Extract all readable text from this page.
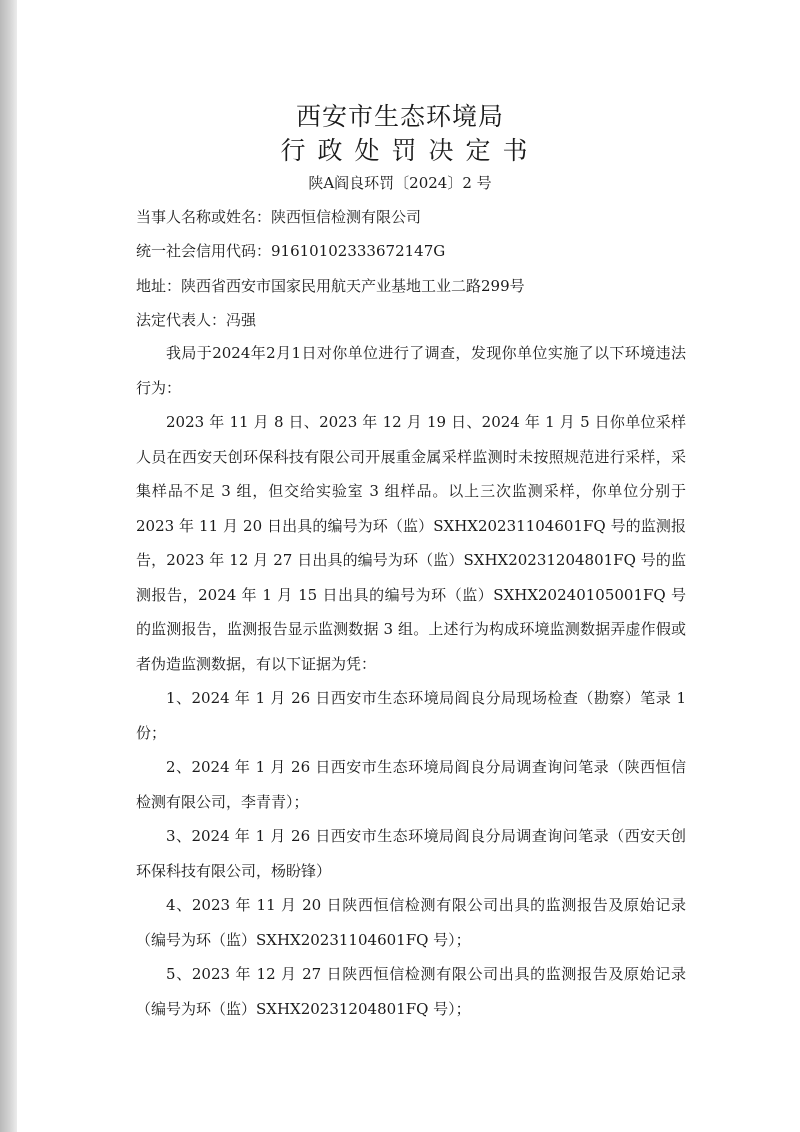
西安市生态环境局
行政处罚决定书
陕A阎良环罚〔2024〕2 号
当事人名称或姓名：陕西恒信检测有限公司
统一社会信用代码：91610102333672147G
地址：陕西省西安市国家民用航天产业基地工业二路299号
法定代表人：冯强

我局于2024年2月1日对你单位进行了调查，发现你单位实施了以下环境违法行为：

2023 年 11 月 8 日、2023 年 12 月 19 日、2024 年 1 月 5 日你单位采样人员在西安天创环保科技有限公司开展重金属采样监测时未按照规范进行采样，采集样品不足 3 组，但交给实验室 3 组样品。以上三次监测采样，你单位分别于 2023 年 11 月 20 日出具的编号为环（监）SXHX20231104601FQ 号的监测报告，2023 年 12 月 27 日出具的编号为环（监）SXHX20231204801FQ 号的监测报告，2024 年 1 月 15 日出具的编号为环（监）SXHX20240105001FQ 号的监测报告，监测报告显示监测数据 3 组。上述行为构成环境监测数据弄虚作假或者伪造监测数据，有以下证据为凭：

1、2024 年 1 月 26 日西安市生态环境局阎良分局现场检查（勘察）笔录 1 份；

2、2024 年 1 月 26 日西安市生态环境局阎良分局调查询问笔录（陕西恒信检测有限公司，李青青）；

3、2024 年 1 月 26 日西安市生态环境局阎良分局调查询问笔录（西安天创环保科技有限公司，杨盼锋）

4、2023 年 11 月 20 日陕西恒信检测有限公司出具的监测报告及原始记录（编号为环（监）SXHX20231104601FQ 号）；

5、2023 年 12 月 27 日陕西恒信检测有限公司出具的监测报告及原始记录（编号为环（监）SXHX20231204801FQ 号）；
